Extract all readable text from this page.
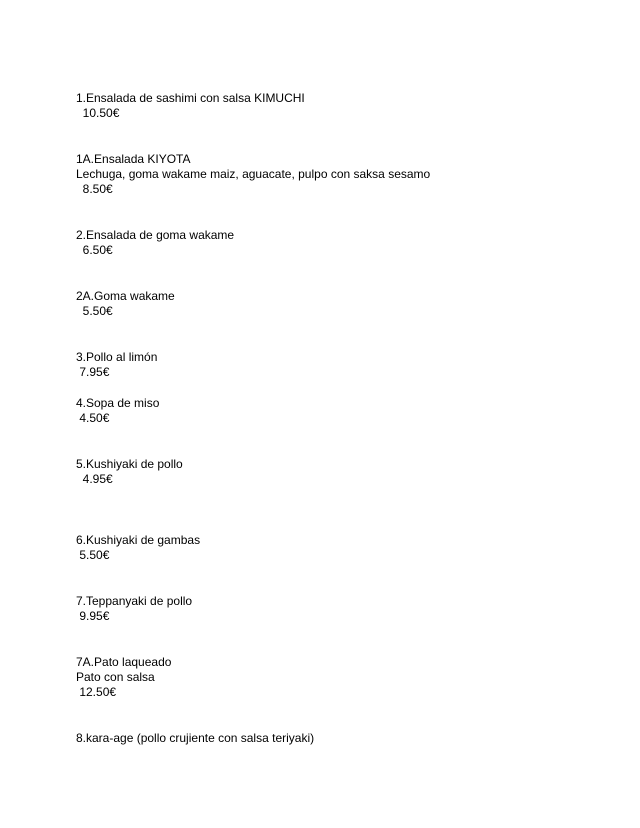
1.Ensalada de sashimi con salsa KIMUCHI
10.50€
1A.Ensalada KIYOTA
Lechuga, goma wakame maiz, aguacate, pulpo con saksa sesamo
8.50€
2.Ensalada de goma wakame
6.50€
2A.Goma wakame
5.50€
3.Pollo al limón
7.95€
4.Sopa de miso
4.50€
5.Kushiyaki de pollo
4.95€
6.Kushiyaki de gambas
5.50€
7.Teppanyaki de pollo
9.95€
7A.Pato laqueado
Pato con salsa
12.50€
8.kara-age (pollo crujiente con salsa teriyaki)
